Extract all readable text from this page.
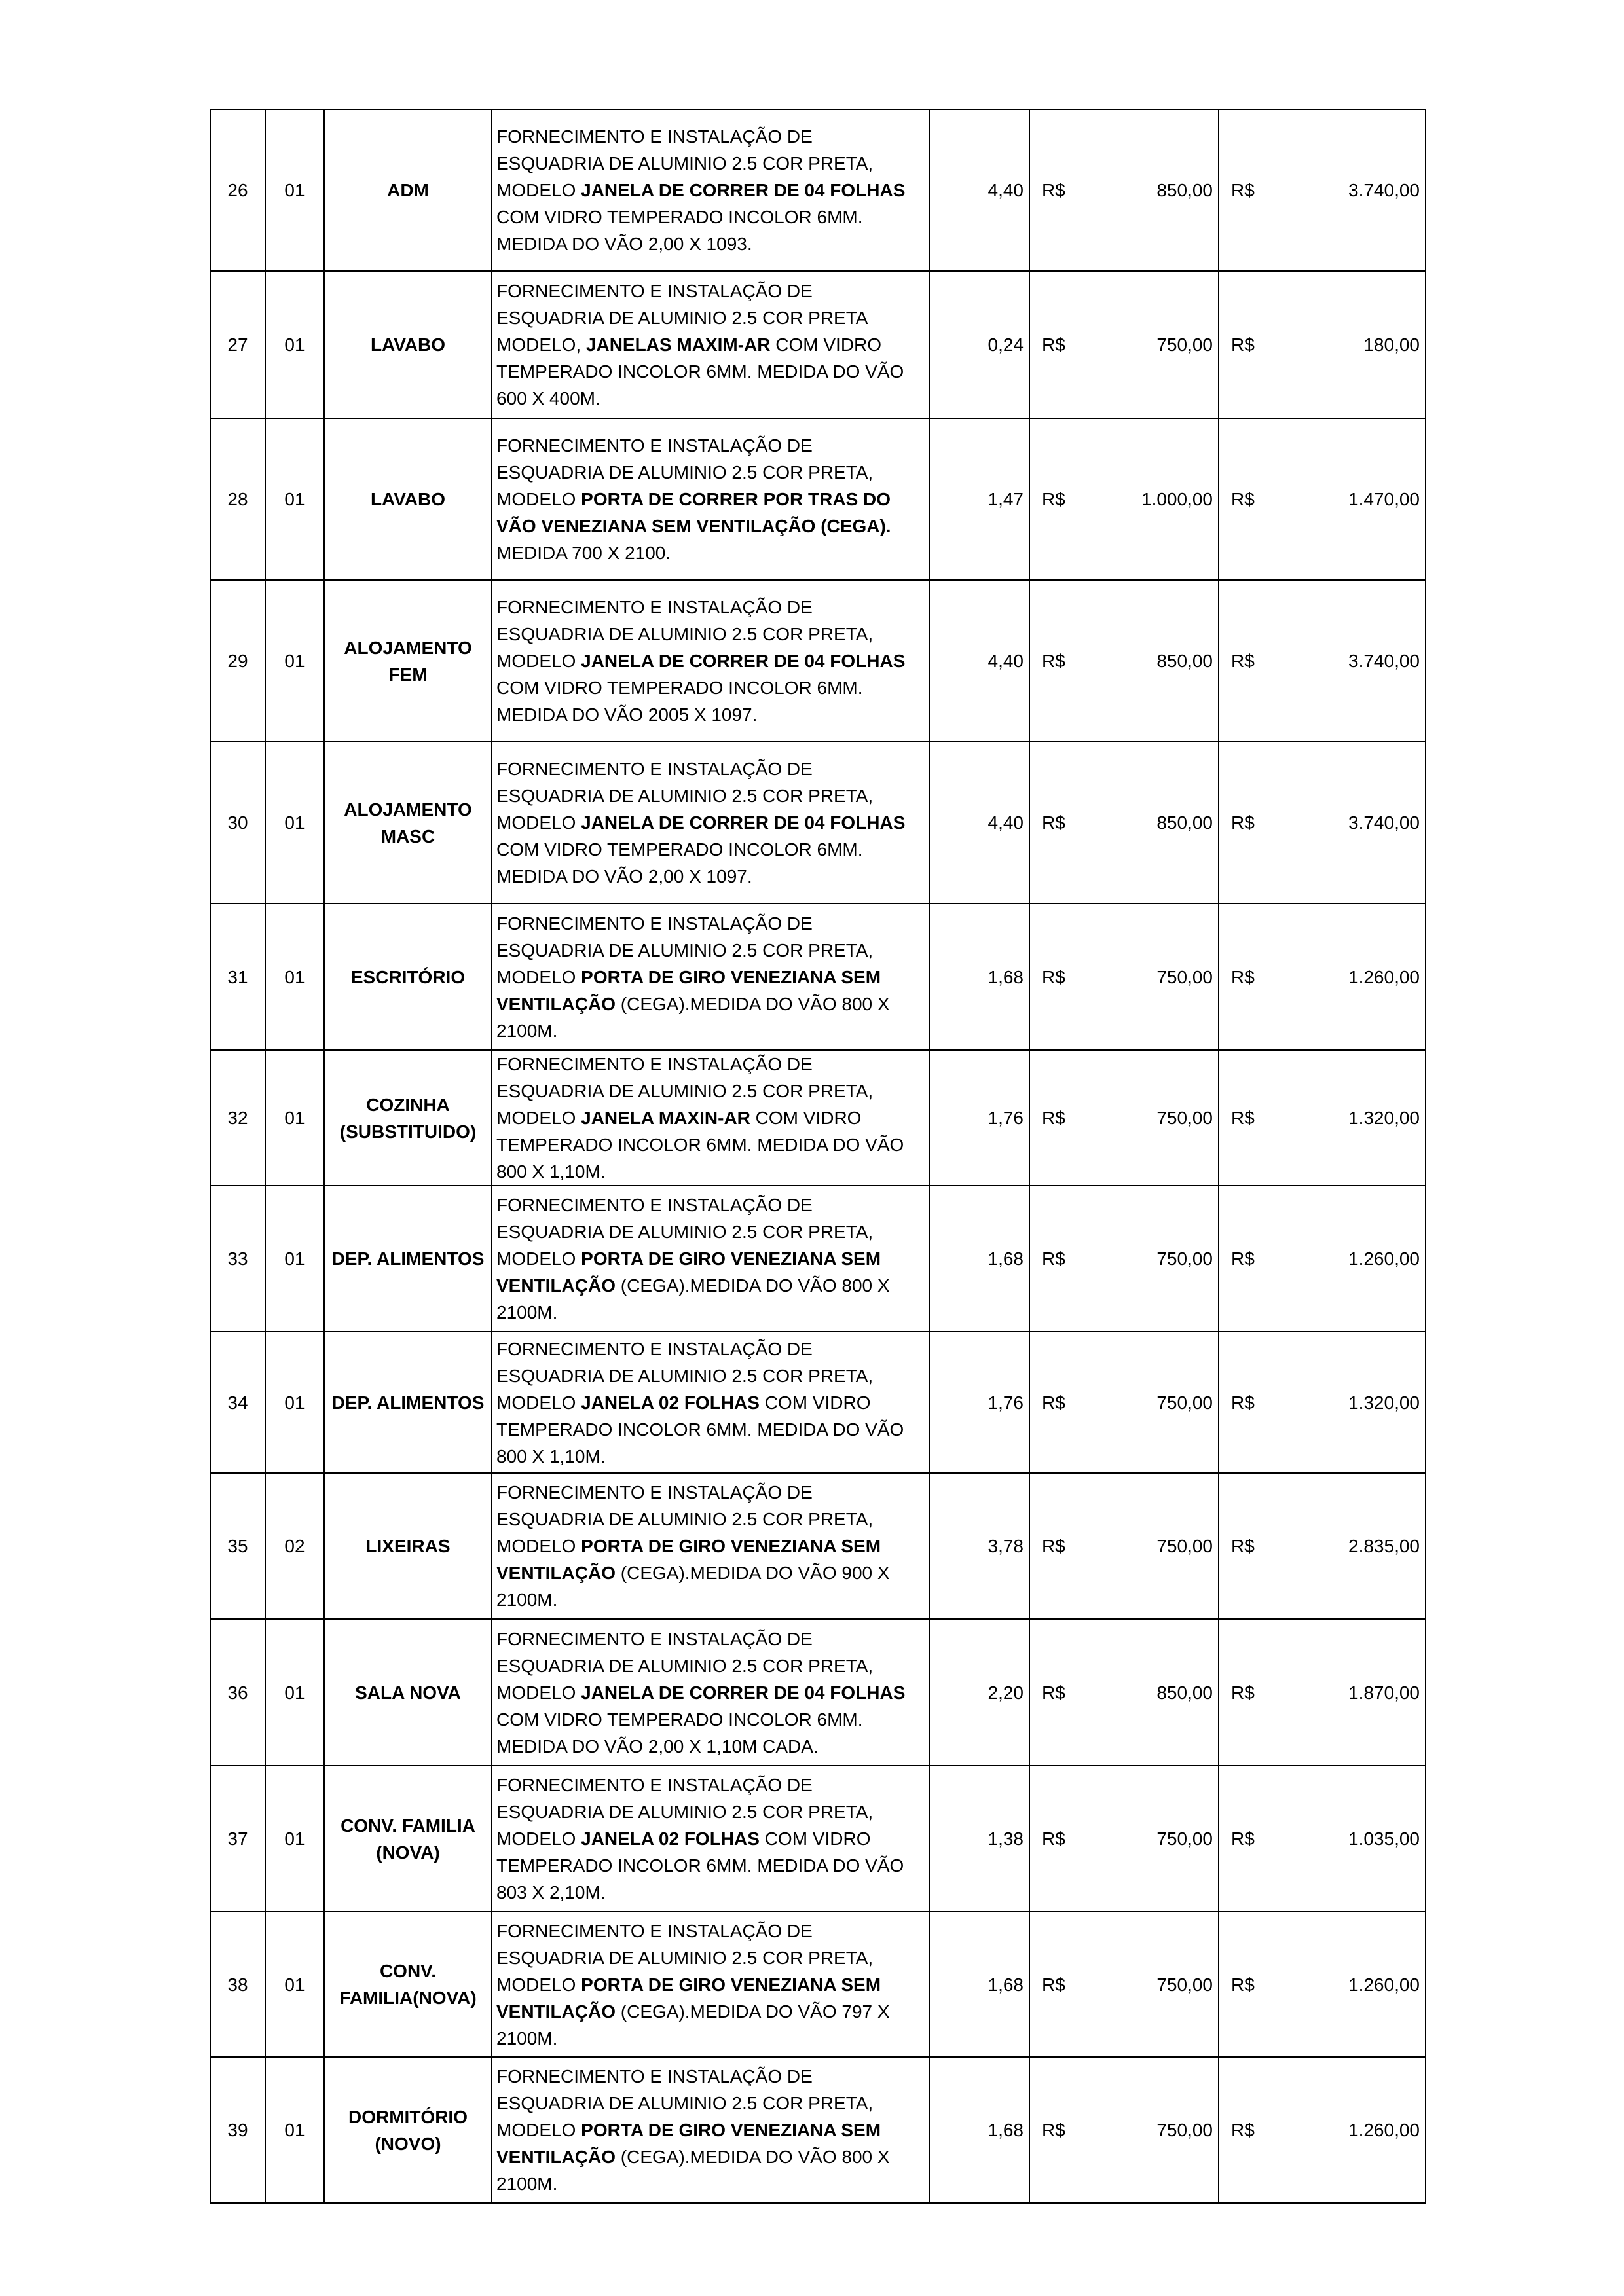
26	01	ADM	FORNECIMENTO E INSTALAÇÃO DE ESQUADRIA DE ALUMINIO 2.5 COR PRETA, MODELO JANELA DE CORRER DE 04 FOLHAS COM VIDRO TEMPERADO INCOLOR 6MM. MEDIDA DO VÃO 2,00 X 1093.	4,40	R$ 850,00	R$ 3.740,00

27	01	LAVABO	FORNECIMENTO E INSTALAÇÃO DE ESQUADRIA DE ALUMINIO 2.5 COR PRETA MODELO, JANELAS MAXIM-AR COM VIDRO TEMPERADO INCOLOR 6MM. MEDIDA DO VÃO 600 X 400M.	0,24	R$ 750,00	R$ 180,00

28	01	LAVABO	FORNECIMENTO E INSTALAÇÃO DE ESQUADRIA DE ALUMINIO 2.5 COR PRETA, MODELO PORTA DE CORRER POR TRAS DO VÃO VENEZIANA SEM VENTILAÇÃO (CEGA). MEDIDA 700 X 2100.	1,47	R$ 1.000,00	R$ 1.470,00

29	01	ALOJAMENTO FEM	FORNECIMENTO E INSTALAÇÃO DE ESQUADRIA DE ALUMINIO 2.5 COR PRETA, MODELO JANELA DE CORRER DE 04 FOLHAS COM VIDRO TEMPERADO INCOLOR 6MM. MEDIDA DO VÃO 2005 X 1097.	4,40	R$ 850,00	R$ 3.740,00

30	01	ALOJAMENTO MASC	FORNECIMENTO E INSTALAÇÃO DE ESQUADRIA DE ALUMINIO 2.5 COR PRETA, MODELO JANELA DE CORRER DE 04 FOLHAS COM VIDRO TEMPERADO INCOLOR 6MM. MEDIDA DO VÃO 2,00 X 1097.	4,40	R$ 850,00	R$ 3.740,00

31	01	ESCRITÓRIO	FORNECIMENTO E INSTALAÇÃO DE ESQUADRIA DE ALUMINIO 2.5 COR PRETA, MODELO PORTA DE GIRO VENEZIANA SEM VENTILAÇÃO (CEGA).MEDIDA DO VÃO 800 X 2100M.	1,68	R$ 750,00	R$ 1.260,00

32	01	COZINHA (SUBSTITUIDO)	FORNECIMENTO E INSTALAÇÃO DE ESQUADRIA DE ALUMINIO 2.5 COR PRETA, MODELO JANELA MAXIN-AR COM VIDRO TEMPERADO INCOLOR 6MM. MEDIDA DO VÃO 800 X 1,10M.	1,76	R$ 750,00	R$ 1.320,00

33	01	DEP. ALIMENTOS	FORNECIMENTO E INSTALAÇÃO DE ESQUADRIA DE ALUMINIO 2.5 COR PRETA, MODELO PORTA DE GIRO VENEZIANA SEM VENTILAÇÃO (CEGA).MEDIDA DO VÃO 800 X 2100M.	1,68	R$ 750,00	R$ 1.260,00

34	01	DEP. ALIMENTOS	FORNECIMENTO E INSTALAÇÃO DE ESQUADRIA DE ALUMINIO 2.5 COR PRETA, MODELO JANELA 02 FOLHAS COM VIDRO TEMPERADO INCOLOR 6MM. MEDIDA DO VÃO 800 X 1,10M.	1,76	R$ 750,00	R$ 1.320,00

35	02	LIXEIRAS	FORNECIMENTO E INSTALAÇÃO DE ESQUADRIA DE ALUMINIO 2.5 COR PRETA, MODELO PORTA DE GIRO VENEZIANA SEM VENTILAÇÃO (CEGA).MEDIDA DO VÃO 900 X 2100M.	3,78	R$ 750,00	R$ 2.835,00

36	01	SALA NOVA	FORNECIMENTO E INSTALAÇÃO DE ESQUADRIA DE ALUMINIO 2.5 COR PRETA, MODELO JANELA DE CORRER DE 04 FOLHAS COM VIDRO TEMPERADO INCOLOR 6MM. MEDIDA DO VÃO 2,00 X 1,10M CADA.	2,20	R$ 850,00	R$ 1.870,00

37	01	CONV. FAMILIA (NOVA)	FORNECIMENTO E INSTALAÇÃO DE ESQUADRIA DE ALUMINIO 2.5 COR PRETA, MODELO JANELA 02 FOLHAS COM VIDRO TEMPERADO INCOLOR 6MM. MEDIDA DO VÃO 803 X 2,10M.	1,38	R$ 750,00	R$ 1.035,00

38	01	CONV. FAMILIA(NOVA)	FORNECIMENTO E INSTALAÇÃO DE ESQUADRIA DE ALUMINIO 2.5 COR PRETA, MODELO PORTA DE GIRO VENEZIANA SEM VENTILAÇÃO (CEGA).MEDIDA DO VÃO 797 X 2100M.	1,68	R$ 750,00	R$ 1.260,00

39	01	DORMITÓRIO (NOVO)	FORNECIMENTO E INSTALAÇÃO DE ESQUADRIA DE ALUMINIO 2.5 COR PRETA, MODELO PORTA DE GIRO VENEZIANA SEM VENTILAÇÃO (CEGA).MEDIDA DO VÃO 800 X 2100M.	1,68	R$ 750,00	R$ 1.260,00
